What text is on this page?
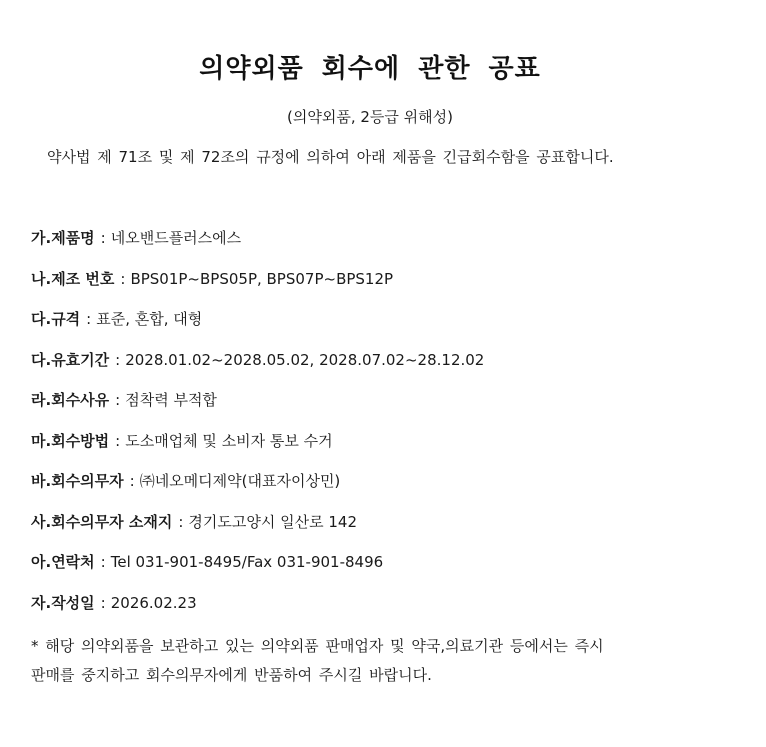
의약외품 회수에 관한 공표
(의약외품, 2등급 위해성)
약사법 제 71조 및 제 72조의 규정에 의하여 아래 제품을 긴급회수함을 공표합니다.
가.제품명 : 네오밴드플러스에스
나.제조 번호 : BPS01P~BPS05P, BPS07P~BPS12P
다.규격 : 표준, 혼합, 대형
다.유효기간 : 2028.01.02~2028.05.02, 2028.07.02~28.12.02
라.회수사유 : 점착력 부적합
마.회수방법 : 도소매업체 및 소비자 통보 수거
바.회수의무자 : ㈜네오메디제약(대표자이상민)
사.회수의무자 소재지 : 경기도고양시 일산로 142
아.연락처 : Tel 031-901-8495/Fax 031-901-8496
자.작성일 : 2026.02.23
* 해당 의약외품을 보관하고 있는 의약외품 판매업자 및 약국,의료기관 등에서는 즉시
판매를 중지하고 회수의무자에게 반품하여 주시길 바랍니다.
